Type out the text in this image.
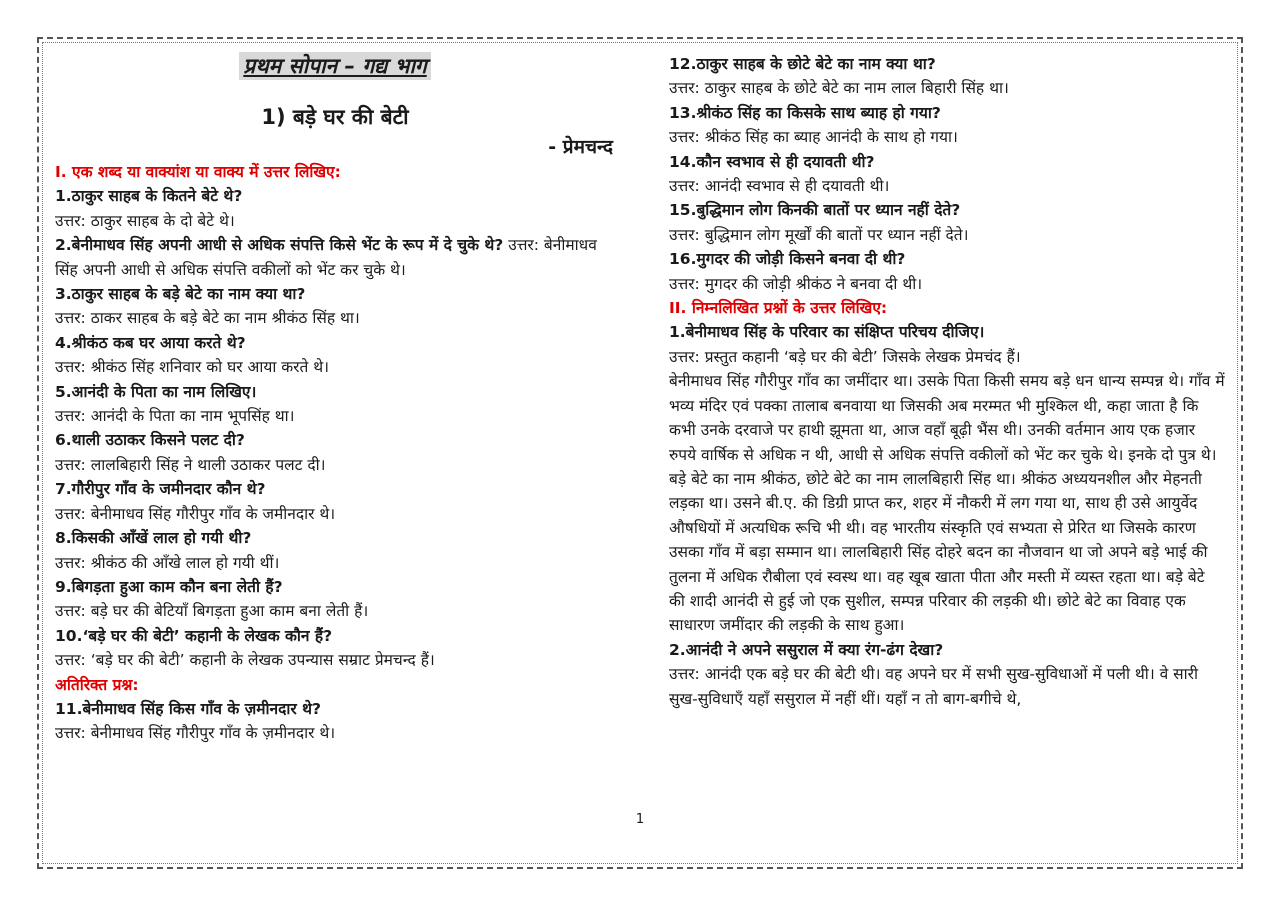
प्रथम सोपान – गद्य भाग
1) बड़े घर की बेटी
- प्रेमचन्द

I. एक शब्द या वाक्यांश या वाक्य में उत्तर लिखिए:

1.ठाकुर साहब के कितने बेटे थे?

उत्तर: ठाकुर साहब के दो बेटे थे।

2.बेनीमाधव सिंह अपनी आधी से अधिक संपत्ति किसे भेंट के रूप में दे चुके थे? उत्तर: बेनीमाधव सिंह अपनी आधी से अधिक संपत्ति वकीलों को भेंट कर चुके थे।

3.ठाकुर साहब के बड़े बेटे का नाम क्या था?

उत्तर: ठाकर साहब के बड़े बेटे का नाम श्रीकंठ सिंह था।

4.श्रीकंठ कब घर आया करते थे?

उत्तर: श्रीकंठ सिंह शनिवार को घर आया करते थे।

5.आनंदी के पिता का नाम लिखिए।

उत्तर: आनंदी के पिता का नाम भूपसिंह था।

6.थाली उठाकर किसने पलट दी?

उत्तर: लालबिहारी सिंह ने थाली उठाकर पलट दी।

7.गौरीपुर गाँव के जमीनदार कौन थे?

उत्तर: बेनीमाधव सिंह गौरीपुर गाँव के जमीनदार थे।

8.किसकी आँखें लाल हो गयी थी?

उत्तर: श्रीकंठ की आँखे लाल हो गयी थीं।

9.बिगड़ता हुआ काम कौन बना लेती हैं?

उत्तर: बड़े घर की बेटियाँ बिगड़ता हुआ काम बना लेती हैं।

10.‘बड़े घर की बेटी’ कहानी के लेखक कौन हैं?

उत्तर: ‘बड़े घर की बेटी’ कहानी के लेखक उपन्यास सम्राट प्रेमचन्द हैं।

अतिरिक्त प्रश्न:

11.बेनीमाधव सिंह किस गाँव के ज़मीनदार थे?

उत्तर: बेनीमाधव सिंह गौरीपुर गाँव के ज़मीनदार थे।

12.ठाकुर साहब के छोटे बेटे का नाम क्या था?

उत्तर: ठाकुर साहब के छोटे बेटे का नाम लाल बिहारी सिंह था।

13.श्रीकंठ सिंह का किसके साथ ब्याह हो गया?

उत्तर: श्रीकंठ सिंह का ब्याह आनंदी के साथ हो गया।

14.कौन स्वभाव से ही दयावती थी?

उत्तर: आनंदी स्वभाव से ही दयावती थी।

15.बुद्धिमान लोग किनकी बातों पर ध्यान नहीं देते?

उत्तर: बुद्धिमान लोग मूर्खों की बातों पर ध्यान नहीं देते।

16.मुगदर की जोड़ी किसने बनवा दी थी?

उत्तर: मुगदर की जोड़ी श्रीकंठ ने बनवा दी थी।

II. निम्नलिखित प्रश्नों के उत्तर लिखिए:

1.बेनीमाधव सिंह के परिवार का संक्षिप्त परिचय दीजिए।

उत्तर: प्रस्तुत कहानी ‘बड़े घर की बेटी’ जिसके लेखक प्रेमचंद हैं।

बेनीमाधव सिंह गौरीपुर गाँव का जमींदार था। उसके पिता किसी समय बड़े धन धान्य सम्पन्न थे। गाँव में भव्य मंदिर एवं पक्का तालाब बनवाया था जिसकी अब मरम्मत भी मुश्किल थी, कहा जाता है कि कभी उनके दरवाजे पर हाथी झूमता था, आज वहाँ बूढ़ी भैंस थी। उनकी वर्तमान आय एक हजार रुपये वार्षिक से अधिक न थी, आधी से अधिक संपत्ति वकीलों को भेंट कर चुके थे। इनके दो पुत्र थे। बड़े बेटे का नाम श्रीकंठ, छोटे बेटे का नाम लालबिहारी सिंह था। श्रीकंठ अध्ययनशील और मेहनती लड़का था। उसने बी.ए. की डिग्री प्राप्त कर, शहर में नौकरी में लग गया था, साथ ही उसे आयुर्वेद औषधियों में अत्यधिक रूचि भी थी। वह भारतीय संस्कृति एवं सभ्यता से प्रेरित था जिसके कारण उसका गाँव में बड़ा सम्मान था। लालबिहारी सिंह दोहरे बदन का नौजवान था जो अपने बड़े भाई की तुलना में अधिक रौबीला एवं स्वस्थ था। वह खूब खाता पीता और मस्ती में व्यस्त रहता था। बड़े बेटे की शादी आनंदी से हुई जो एक सुशील, सम्पन्न परिवार की लड़की थी। छोटे बेटे का विवाह एक साधारण जमींदार की लड़की के साथ हुआ।

2.आनंदी ने अपने ससुराल में क्या रंग-ढंग देखा?

उत्तर: आनंदी एक बड़े घर की बेटी थी। वह अपने घर में सभी सुख-सुविधाओं में पली थी। वे सारी सुख-सुविधाएँ यहाँ ससुराल में नहीं थीं। यहाँ न तो बाग-बगीचे थे,

1
